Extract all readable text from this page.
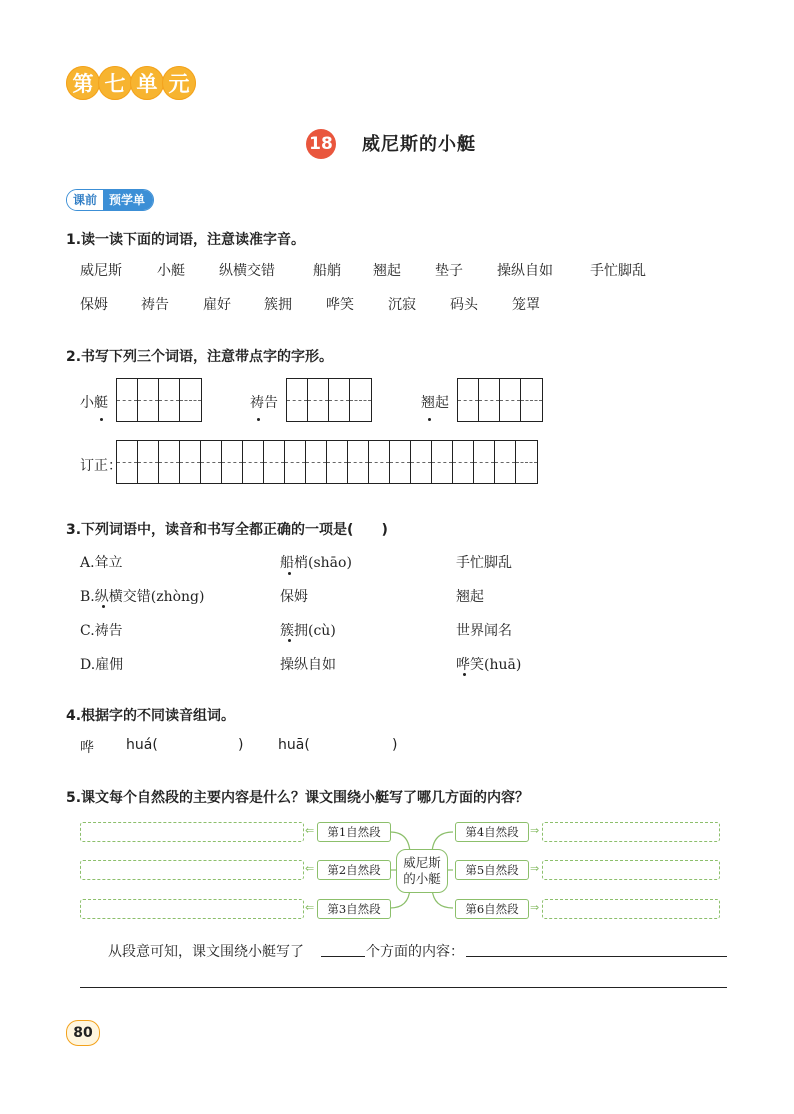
第 七 单 元
18 威尼斯的小艇
课前	预学单
1.读一读下面的词语，注意读准字音。
威尼斯	小艇 纵横交错	船艄 翘起 垫子 操纵自如	手忙脚乱
保姆 祷告 雇好 簇拥 哗笑 沉寂 码头 笼罩
2.书写下列三个词语，注意带点字的字形。
小艇	祷告	翘起
订正：
3.下列词语中，读音和书写全都正确的一项是(　　)
A.耸立	船梢(shāo)	手忙脚乱
B.纵横交错(zhòng)	保姆	翘起
C.祷告	簇拥(cù)	世界闻名
D.雇佣	操纵自如	哗笑(huā)
4.根据字的不同读音组词。
哗 huá(	) huā(	)
5.课文每个自然段的主要内容是什么？课文围绕小艇写了哪几方面的内容？
⇐
⇐
⇐
第1自然段
第2自然段
第3自然段
威尼斯
的小艇
第4自然段
第5自然段
第6自然段
⇒
⇒
⇒
从段意可知，课文围绕小艇写了	个方面的内容：
80
